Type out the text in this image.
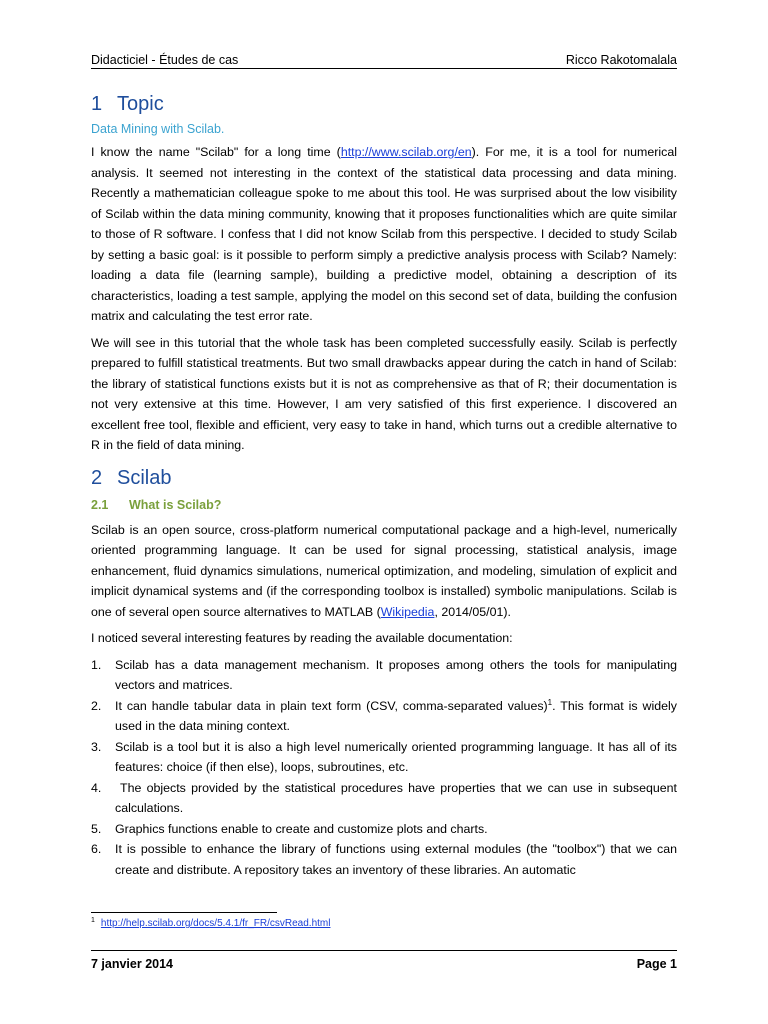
Didacticiel - Études de cas	Ricco Rakotomalala
1 Topic
Data Mining with Scilab.

I know the name "Scilab" for a long time (http://www.scilab.org/en). For me, it is a tool for numerical analysis. It seemed not interesting in the context of the statistical data processing and data mining. Recently a mathematician colleague spoke to me about this tool. He was surprised about the low visibility of Scilab within the data mining community, knowing that it proposes functionalities which are quite similar to those of R software. I confess that I did not know Scilab from this perspective. I decided to study Scilab by setting a basic goal: is it possible to perform simply a predictive analysis process with Scilab? Namely: loading a data file (learning sample), building a predictive model, obtaining a description of its characteristics, loading a test sample, applying the model on this second set of data, building the confusion matrix and calculating the test error rate.

We will see in this tutorial that the whole task has been completed successfully easily. Scilab is perfectly prepared to fulfill statistical treatments. But two small drawbacks appear during the catch in hand of Scilab: the library of statistical functions exists but it is not as comprehensive as that of R; their documentation is not very extensive at this time. However, I am very satisfied of this first experience. I discovered an excellent free tool, flexible and efficient, very easy to take in hand, which turns out a credible alternative to R in the field of data mining.

2 Scilab
2.1 What is Scilab?

Scilab is an open source, cross-platform numerical computational package and a high-level, numerically oriented programming language. It can be used for signal processing, statistical analysis, image enhancement, fluid dynamics simulations, numerical optimization, and modeling, simulation of explicit and implicit dynamical systems and (if the corresponding toolbox is installed) symbolic manipulations. Scilab is one of several open source alternatives to MATLAB (Wikipedia, 2014/05/01).

I noticed several interesting features by reading the available documentation:

1. Scilab has a data management mechanism. It proposes among others the tools for manipulating vectors and matrices.
2. It can handle tabular data in plain text form (CSV, comma-separated values)$^1$. This format is widely used in the data mining context.
3. Scilab is a tool but it is also a high level numerically oriented programming language. It has all of its features: choice (if then else), loops, subroutines, etc.
4. The objects provided by the statistical procedures have properties that we can use in subsequent calculations.
5. Graphics functions enable to create and customize plots and charts.
6. It is possible to enhance the library of functions using external modules (the "toolbox") that we can create and distribute. A repository takes an inventory of these libraries. An automatic
$^1$ http://help.scilab.org/docs/5.4.1/fr_FR/csvRead.html
7 janvier 2014	Page 1
